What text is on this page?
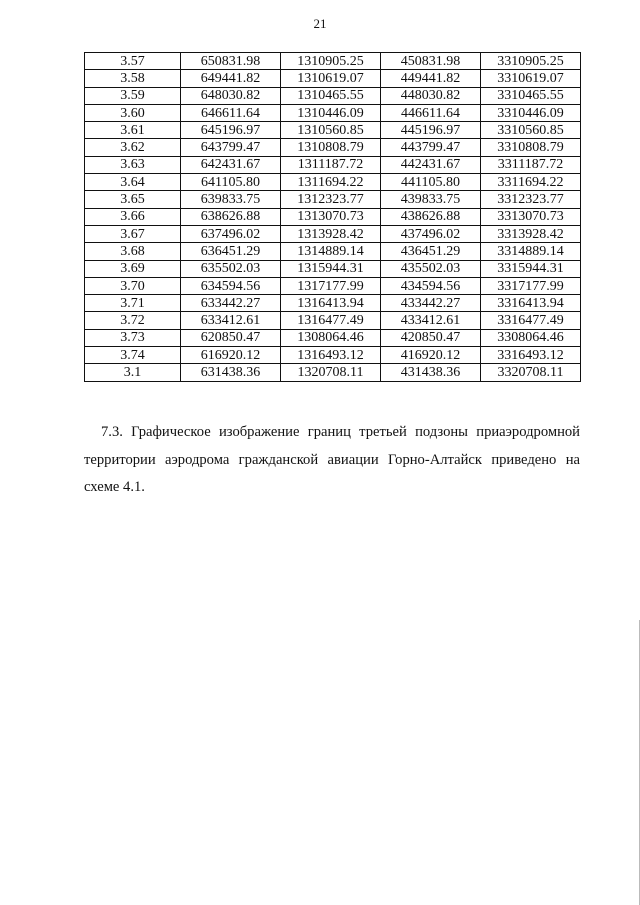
21
3.57	650831.98	1310905.25	450831.98	3310905.25
3.58	649441.82	1310619.07	449441.82	3310619.07
3.59	648030.82	1310465.55	448030.82	3310465.55
3.60	646611.64	1310446.09	446611.64	3310446.09
3.61	645196.97	1310560.85	445196.97	3310560.85
3.62	643799.47	1310808.79	443799.47	3310808.79
3.63	642431.67	1311187.72	442431.67	3311187.72
3.64	641105.80	1311694.22	441105.80	3311694.22
3.65	639833.75	1312323.77	439833.75	3312323.77
3.66	638626.88	1313070.73	438626.88	3313070.73
3.67	637496.02	1313928.42	437496.02	3313928.42
3.68	636451.29	1314889.14	436451.29	3314889.14
3.69	635502.03	1315944.31	435502.03	3315944.31
3.70	634594.56	1317177.99	434594.56	3317177.99
3.71	633442.27	1316413.94	433442.27	3316413.94
3.72	633412.61	1316477.49	433412.61	3316477.49
3.73	620850.47	1308064.46	420850.47	3308064.46
3.74	616920.12	1316493.12	416920.12	3316493.12
3.1	631438.36	1320708.11	431438.36	3320708.11
7.3. Графическое изображение границ третьей подзоны приаэродромной
территории аэродрома гражданской авиации Горно-Алтайск приведено на
схеме 4.1.
